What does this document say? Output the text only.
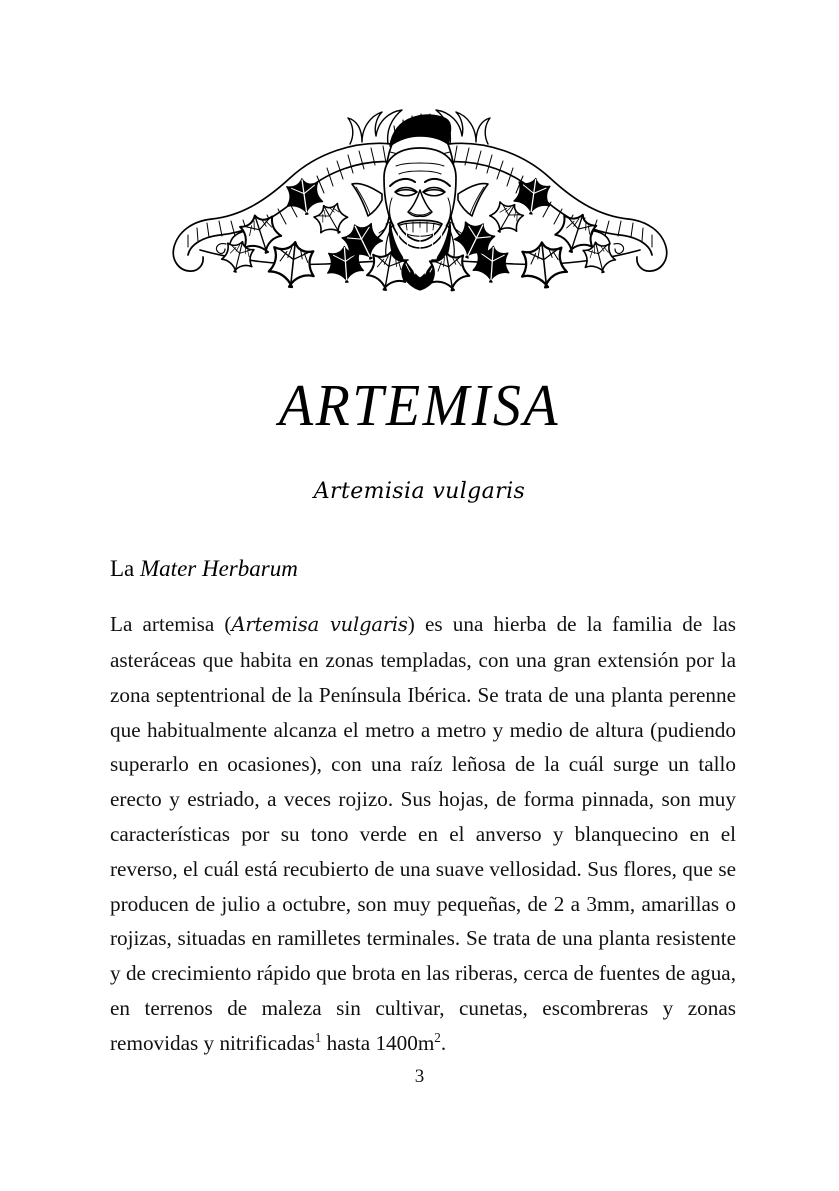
ARTEMISA
Artemisia vulgaris
La Mater Herbarum

La artemisa (Artemisa vulgaris) es una hierba de la familia de las asteráceas que habita en zonas templadas, con una gran extensión por la zona septentrional de la Península Ibérica. Se trata de una planta perenne que habitualmente alcanza el metro a metro y medio de altura (pudiendo superarlo en ocasiones), con una raíz leñosa de la cuál surge un tallo erecto y estriado, a veces rojizo. Sus hojas, de forma pinnada, son muy características por su tono verde en el anverso y blanquecino en el reverso, el cuál está recubierto de una suave vellosidad. Sus flores, que se producen de julio a octubre, son muy pequeñas, de 2 a 3mm, amarillas o rojizas, situadas en ramilletes terminales. Se trata de una planta resistente y de crecimiento rápido que brota en las riberas, cerca de fuentes de agua, en terrenos de maleza sin cultivar, cunetas, escombreras y zonas removidas y nitrificadas$^1$ hasta 1400m$^2$.

3
